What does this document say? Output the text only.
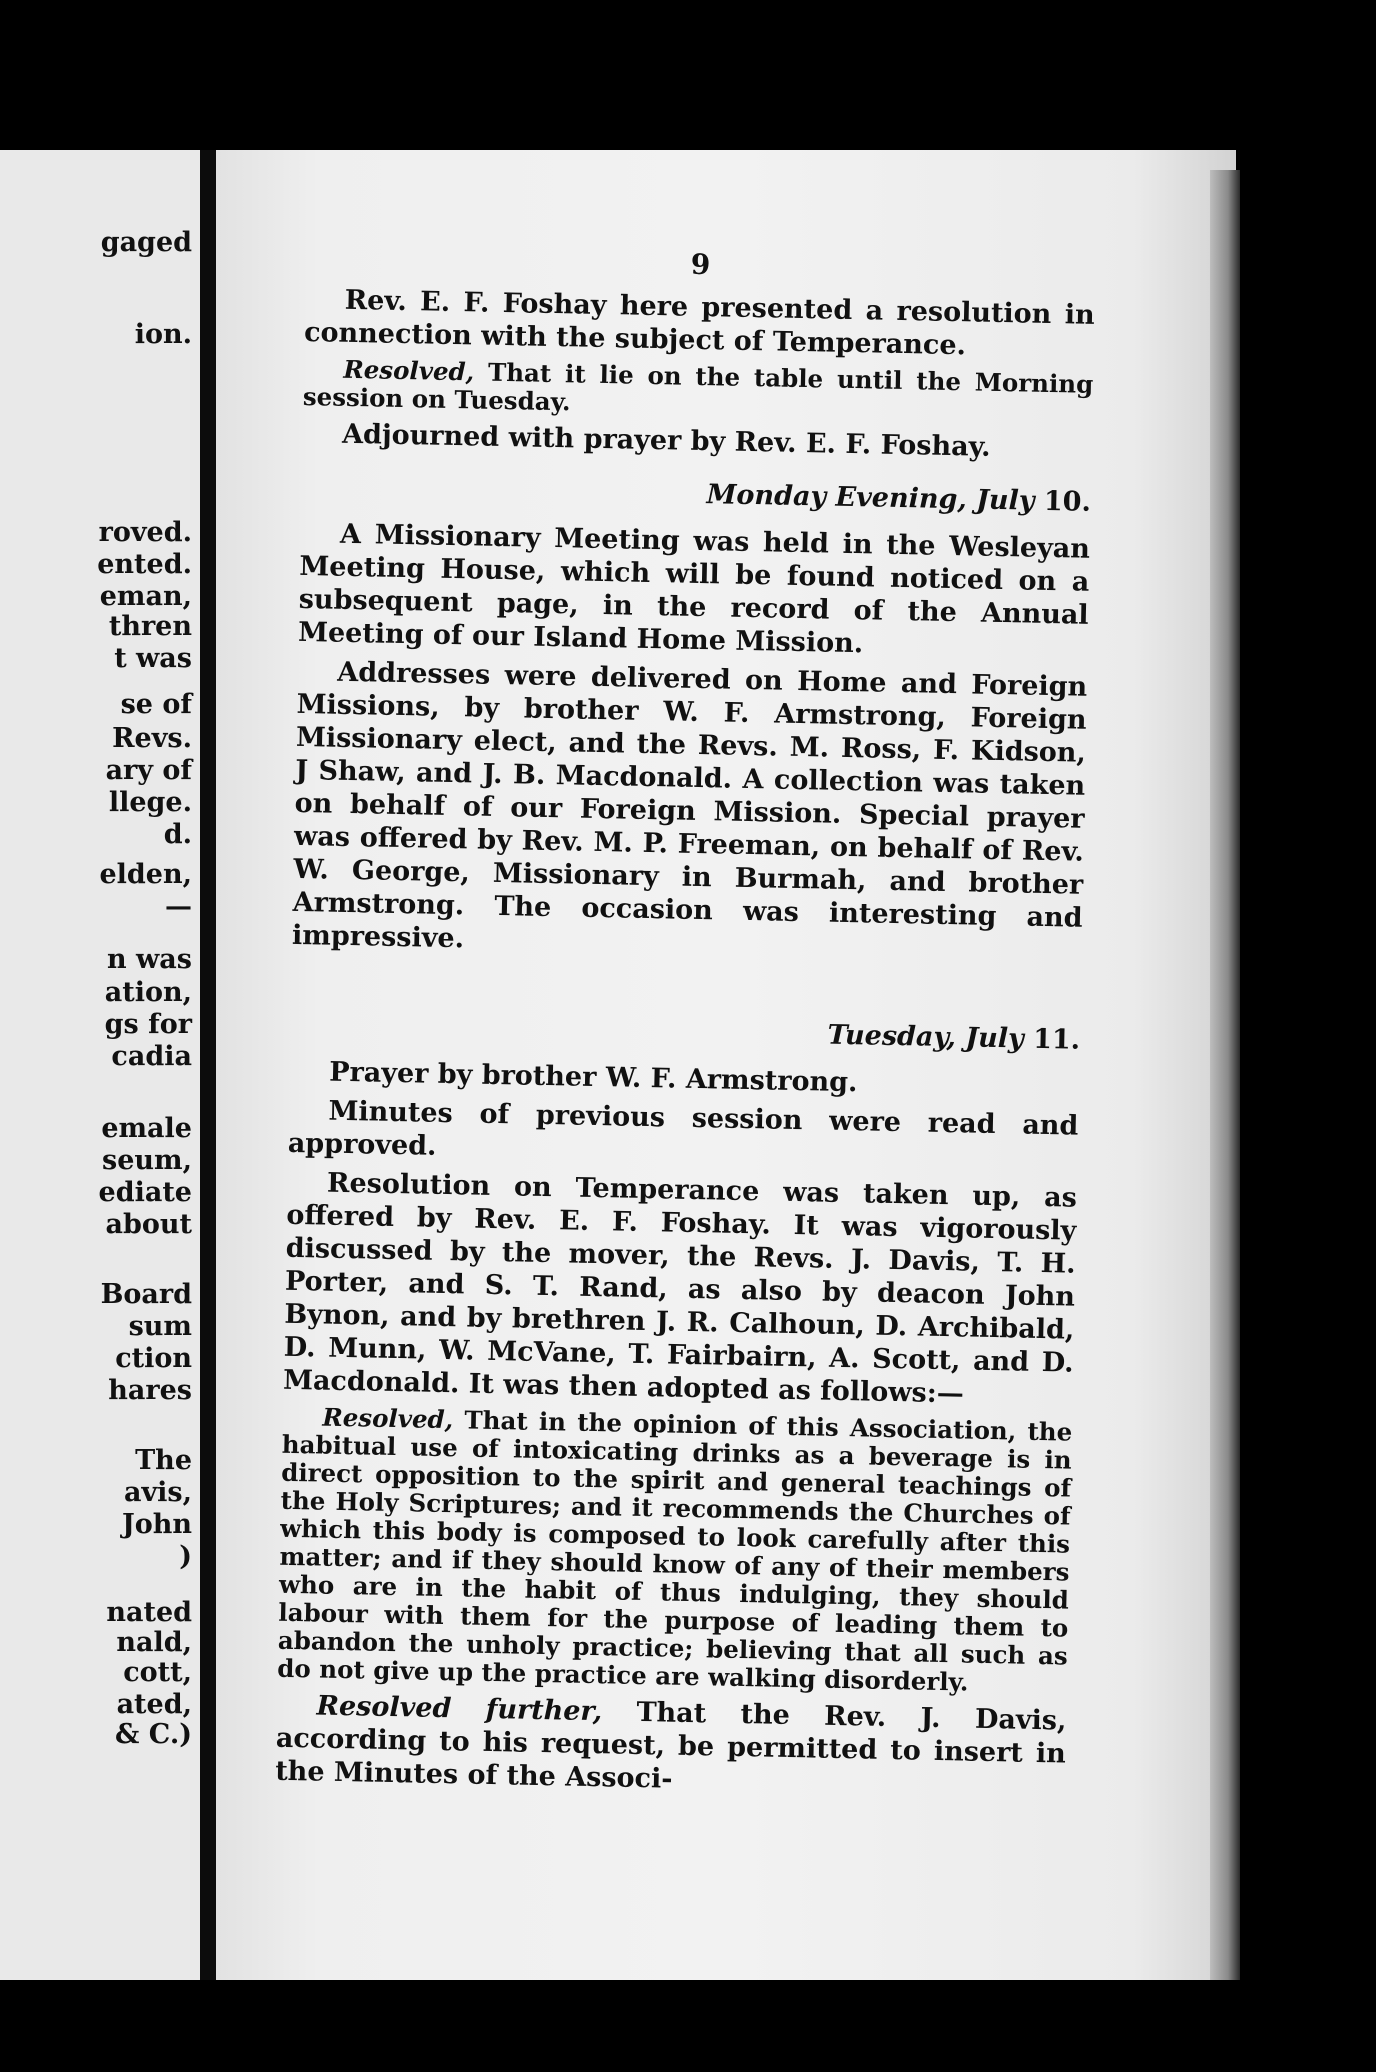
gaged
ion.
roved.
ented.
eman,
thren
t was
se of
Revs.
ary of
llege.
d.
elden,
—
n was
ation,
gs for
cadia
emale
seum,
ediate
about
Board
sum
ction
hares
The
avis,
John
)
nated
nald,
cott,
ated,
& C.)
9

Rev. E. F. Foshay here presented a resolution in connection with the subject of Temperance.

Resolved, That it lie on the table until the Morning session on Tuesday.

Adjourned with prayer by Rev. E. F. Foshay.

Monday Evening, July 10.

A Missionary Meeting was held in the Wesleyan Meeting House, which will be found noticed on a subsequent page, in the record of the Annual Meeting of our Island Home Mission.

Addresses were delivered on Home and Foreign Missions, by brother W. F. Armstrong, Foreign Missionary elect, and the Revs. M. Ross, F. Kidson, J Shaw, and J. B. Macdonald. A collection was taken on behalf of our Foreign Mission. Special prayer was offered by Rev. M. P. Freeman, on behalf of Rev. W. George, Missionary in Burmah, and brother Armstrong. The occasion was interesting and impressive.

Tuesday, July 11.

Prayer by brother W. F. Armstrong.

Minutes of previous session were read and approved.

Resolution on Temperance was taken up, as offered by Rev. E. F. Foshay. It was vigorously discussed by the mover, the Revs. J. Davis, T. H. Porter, and S. T. Rand, as also by deacon John Bynon, and by brethren J. R. Calhoun, D. Archibald, D. Munn, W. McVane, T. Fairbairn, A. Scott, and D. Macdonald. It was then adopted as follows:—

Resolved, That in the opinion of this Association, the habitual use of intoxicating drinks as a beverage is in direct opposition to the spirit and general teachings of the Holy Scriptures; and it recommends the Churches of which this body is composed to look carefully after this matter; and if they should know of any of their members who are in the habit of thus indulging, they should labour with them for the purpose of leading them to abandon the unholy practice; believing that all such as do not give up the practice are walking disorderly.

Resolved further, That the Rev. J. Davis, according to his request, be permitted to insert in the Minutes of the Associ-
